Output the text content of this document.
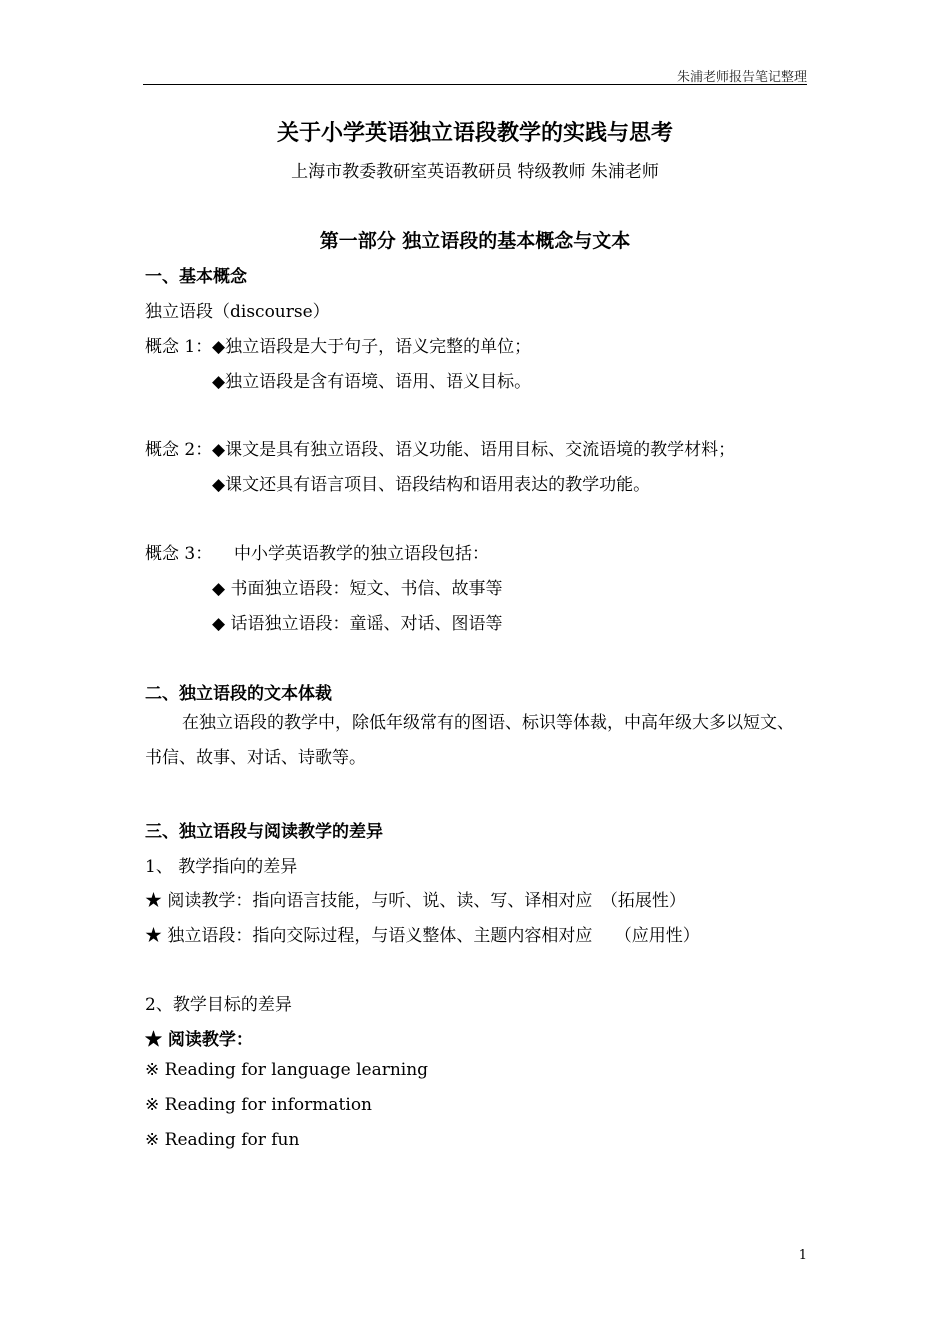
朱浦老师报告笔记整理
关于小学英语独立语段教学的实践与思考
上海市教委教研室英语教研员 特级教师 朱浦老师
第一部分 独立语段的基本概念与文本
一、基本概念
独立语段（discourse）
概念 1： ◆独立语段是大于句子，语义完整的单位；
◆独立语段是含有语境、语用、语义目标。
概念 2： ◆课文是具有独立语段、语义功能、语用目标、交流语境的教学材料；
◆课文还具有语言项目、语段结构和语用表达的教学功能。
概念 3： 中小学英语教学的独立语段包括：
◆ 书面独立语段：短文、书信、故事等
◆ 话语独立语段：童谣、对话、图语等
二、独立语段的文本体裁
在独立语段的教学中，除低年级常有的图语、标识等体裁，中高年级大多以短文、书信、故事、对话、诗歌等。
三、独立语段与阅读教学的差异
1、 教学指向的差异
★ 阅读教学：指向语言技能，与听、说、读、写、译相对应　（拓展性）
★ 独立语段：指向交际过程，与语义整体、主题内容相对应　 （应用性）
2、教学目标的差异
★ 阅读教学：
※ Reading for language learning
※ Reading for information
※ Reading for fun
1
